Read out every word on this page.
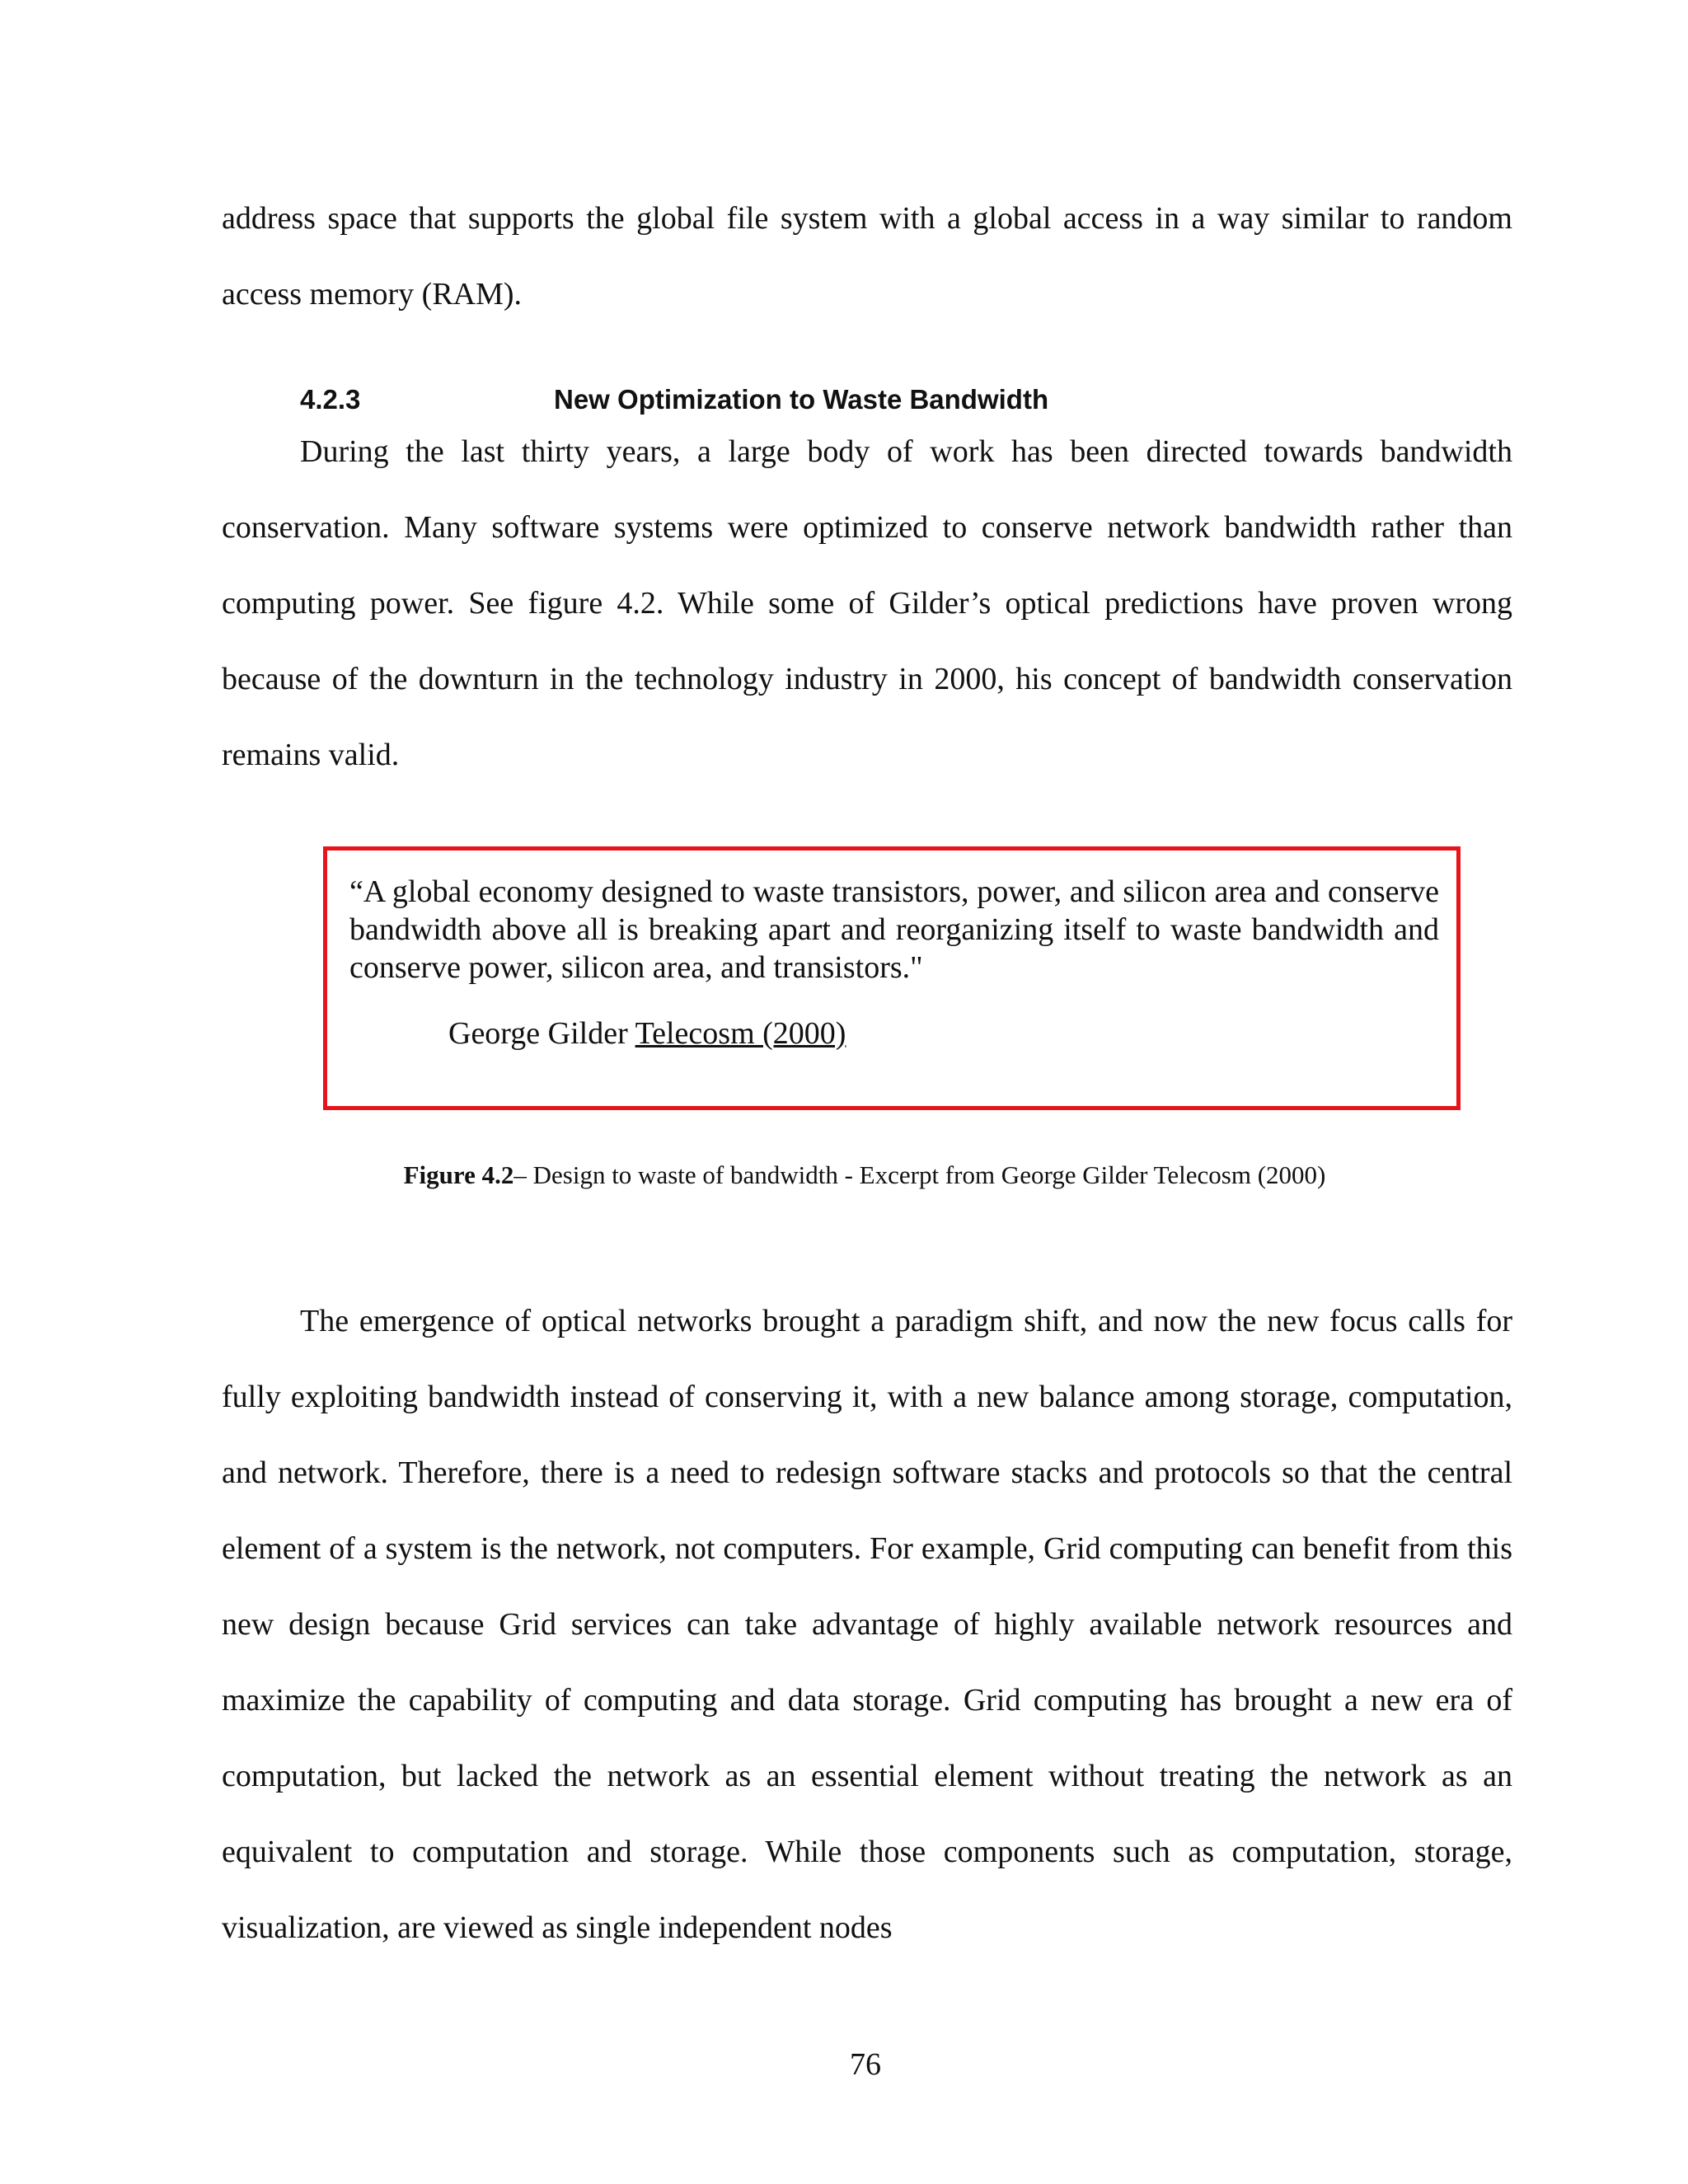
address space that supports the global file system with a global access in a way similar to random access memory (RAM).
4.2.3	New Optimization to Waste Bandwidth
During the last thirty years, a large body of work has been directed towards bandwidth conservation. Many software systems were optimized to conserve network bandwidth rather than computing power. See figure 4.2. While some of Gilder’s optical predictions have proven wrong because of the downturn in the technology industry in 2000, his concept of bandwidth conservation remains valid.
“A global economy designed to waste transistors, power, and silicon area and conserve bandwidth above all is breaking apart and reorganizing itself to waste bandwidth and conserve power, silicon area, and transistors."
George Gilder Telecosm (2000)
Figure 4.2– Design to waste of bandwidth - Excerpt from George Gilder Telecosm (2000)
The emergence of optical networks brought a paradigm shift, and now the new focus calls for fully exploiting bandwidth instead of conserving it, with a new balance among storage, computation, and network. Therefore, there is a need to redesign software stacks and protocols so that the central element of a system is the network, not computers. For example, Grid computing can benefit from this new design because Grid services can take advantage of highly available network resources and maximize the capability of computing and data storage. Grid computing has brought a new era of computation, but lacked the network as an essential element without treating the network as an equivalent to computation and storage. While those components such as computation, storage, visualization, are viewed as single independent nodes
76
